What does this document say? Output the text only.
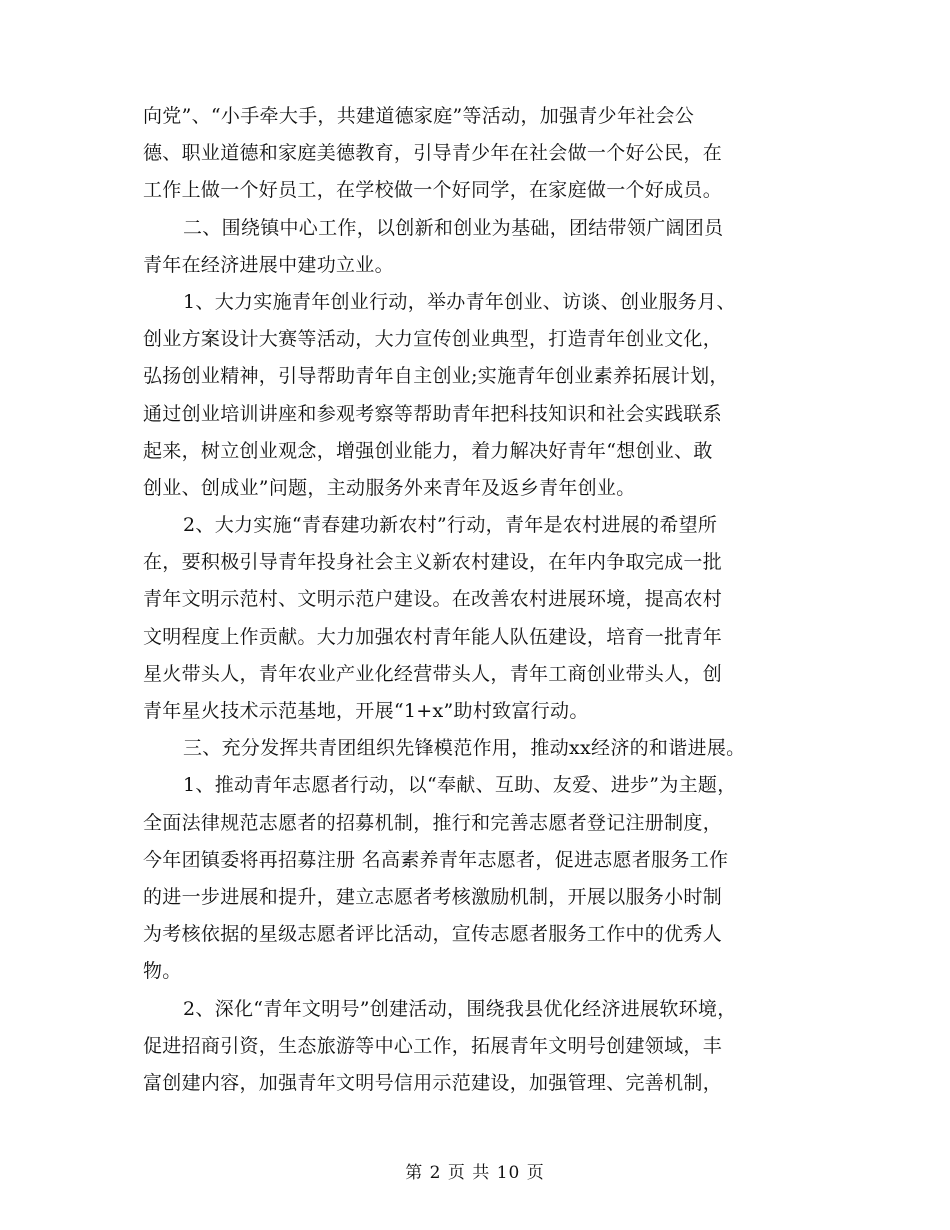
向党”、“小手牵大手，共建道德家庭”等活动，加强青少年社会公
德、职业道德和家庭美德教育，引导青少年在社会做一个好公民，在
工作上做一个好员工，在学校做一个好同学，在家庭做一个好成员。
二、围绕镇中心工作，以创新和创业为基础，团结带领广阔团员
青年在经济进展中建功立业。
1、大力实施青年创业行动，举办青年创业、访谈、创业服务月、
创业方案设计大赛等活动，大力宣传创业典型，打造青年创业文化，
弘扬创业精神，引导帮助青年自主创业;实施青年创业素养拓展计划，
通过创业培训讲座和参观考察等帮助青年把科技知识和社会实践联系
起来，树立创业观念，增强创业能力，着力解决好青年“想创业、敢
创业、创成业”问题，主动服务外来青年及返乡青年创业。
2、大力实施“青春建功新农村”行动，青年是农村进展的希望所
在，要积极引导青年投身社会主义新农村建设，在年内争取完成一批
青年文明示范村、文明示范户建设。在改善农村进展环境，提高农村
文明程度上作贡献。大力加强农村青年能人队伍建设，培育一批青年
星火带头人，青年农业产业化经营带头人，青年工商创业带头人，创
青年星火技术示范基地，开展“1+x”助村致富行动。
三、充分发挥共青团组织先锋模范作用，推动xx经济的和谐进展。
1、推动青年志愿者行动，以“奉献、互助、友爱、进步”为主题，
全面法律规范志愿者的招募机制，推行和完善志愿者登记注册制度，
今年团镇委将再招募注册 名高素养青年志愿者，促进志愿者服务工作
的进一步进展和提升，建立志愿者考核激励机制，开展以服务小时制
为考核依据的星级志愿者评比活动，宣传志愿者服务工作中的优秀人
物。
2、深化“青年文明号”创建活动，围绕我县优化经济进展软环境，
促进招商引资，生态旅游等中心工作，拓展青年文明号创建领域，丰
富创建内容，加强青年文明号信用示范建设，加强管理、完善机制，
第 2 页 共 10 页
